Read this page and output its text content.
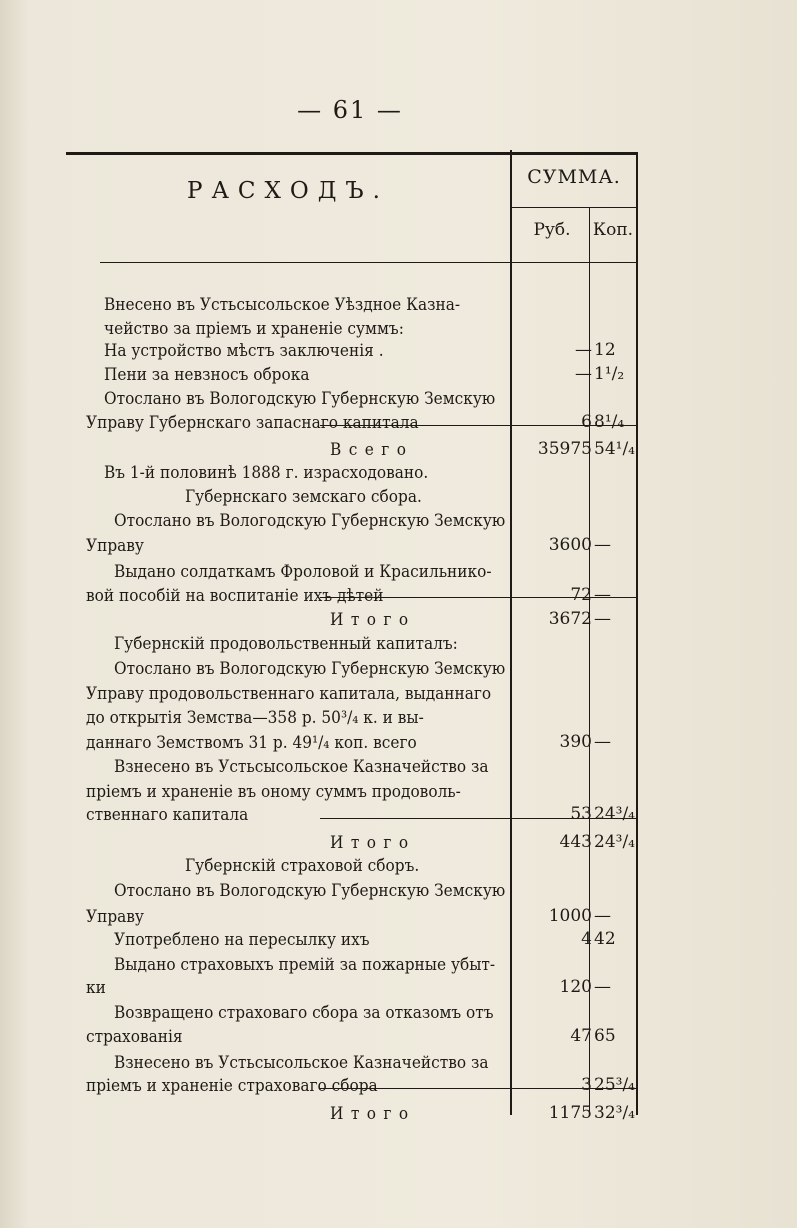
— 61 —
РАСХОДЪ.
СУММА.
Руб.	Коп.
Внесено въ Устьсысольское Уѣздное Казна-
чейство за пріемъ и храненіе суммъ:
На устройство мѣстъ заключенія .	— 12
Пени за невзносъ оброка	— 1¹/₂
Отослано въ Вологодскую Губернскую Земскую
Управу Губернскаго запаснаго капитала	6 8¹/₄
Всего	35975 54¹/₄
Въ 1-й половинѣ 1888 г. израсходовано.
Губернскаго земскаго сбора.
Отослано въ Вологодскую Губернскую Земскую
Управу	3600 —
Выдано солдаткамъ Фроловой и Красильнико-
вой пособій на воспитаніе ихъ дѣтей	72 —
Итого	3672 —
Губернскій продовольственный капиталъ:
Отослано въ Вологодскую Губернскую Земскую
Управу продовольственнаго капитала, выданнаго
до открытія Земства—358 р. 50³/₄ к. и вы-
даннаго Земствомъ 31 р. 49¹/₄ коп. всего	390 —
Взнесено въ Устьсысольское Казначейство за
пріемъ и храненіе въ оному суммъ продоволь-
ственнаго капитала	53 24³/₄
Итого	443 24³/₄
Губернскій страховой сборъ.
Отослано въ Вологодскую Губернскую Земскую
Управу	1000 —
Употреблено на пересылку ихъ	4 42
Выдано страховыхъ премій за пожарные убыт-
ки	120 —
Возвращено страховаго сбора за отказомъ отъ
страхованія	47 65
Взнесено въ Устьсысольское Казначейство за
пріемъ и храненіе страховаго сбора	3 25³/₄
Итого	1175 32³/₄
